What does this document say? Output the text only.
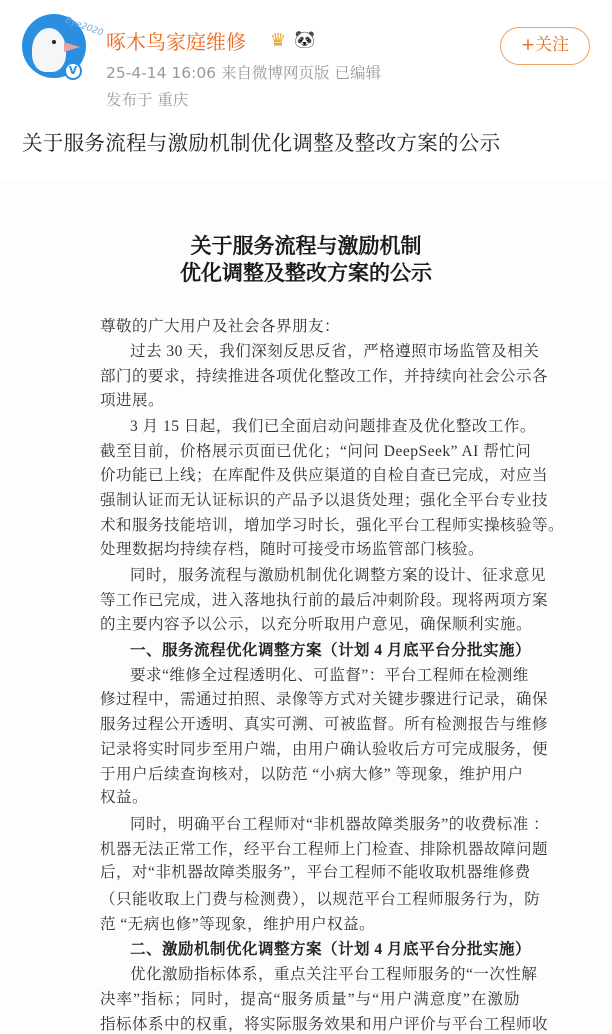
Bye2020
V
啄木鸟家庭维修 ♛ 🐼
25-4-14 16:06 来自微博网页版 已编辑
发布于 重庆
+关注
关于服务流程与激励机制优化调整及整改方案的公示
关于服务流程与激励机制
优化调整及整改方案的公示
尊敬的广大用户及社会各界朋友：
过去 30 天，我们深刻反思反省，严格遵照市场监管及相关
部门的要求，持续推进各项优化整改工作，并持续向社会公示各
项进展。
3 月 15 日起，我们已全面启动问题排查及优化整改工作。
截至目前，价格展示页面已优化；“问问 DeepSeek” AI 帮忙问
价功能已上线；在库配件及供应渠道的自检自查已完成，对应当
强制认证而无认证标识的产品予以退货处理；强化全平台专业技
术和服务技能培训，增加学习时长，强化平台工程师实操核验等。
处理数据均持续存档，随时可接受市场监管部门核验。
同时，服务流程与激励机制优化调整方案的设计、征求意见
等工作已完成，进入落地执行前的最后冲刺阶段。现将两项方案
的主要内容予以公示，以充分听取用户意见，确保顺利实施。
一、服务流程优化调整方案（计划 4 月底平台分批实施）
要求“维修全过程透明化、可监督”：平台工程师在检测维
修过程中，需通过拍照、录像等方式对关键步骤进行记录，确保
服务过程公开透明、真实可溯、可被监督。所有检测报告与维修
记录将实时同步至用户端，由用户确认验收后方可完成服务，便
于用户后续查询核对，以防范 “小病大修” 等现象，维护用户
权益。
同时，明确平台工程师对“非机器故障类服务”的收费标准 ：
机器无法正常工作，经平台工程师上门检查、排除机器故障问题
后，对“非机器故障类服务”，平台工程师不能收取机器维修费
（只能收取上门费与检测费），以规范平台工程师服务行为，防
范 “无病也修”等现象，维护用户权益。
二、激励机制优化调整方案（计划 4 月底平台分批实施）
优化激励指标体系，重点关注平台工程师服务的“一次性解
决率”指标；同时，提高“服务质量”与“用户满意度”在激励
指标体系中的权重，将实际服务效果和用户评价与平台工程师收
